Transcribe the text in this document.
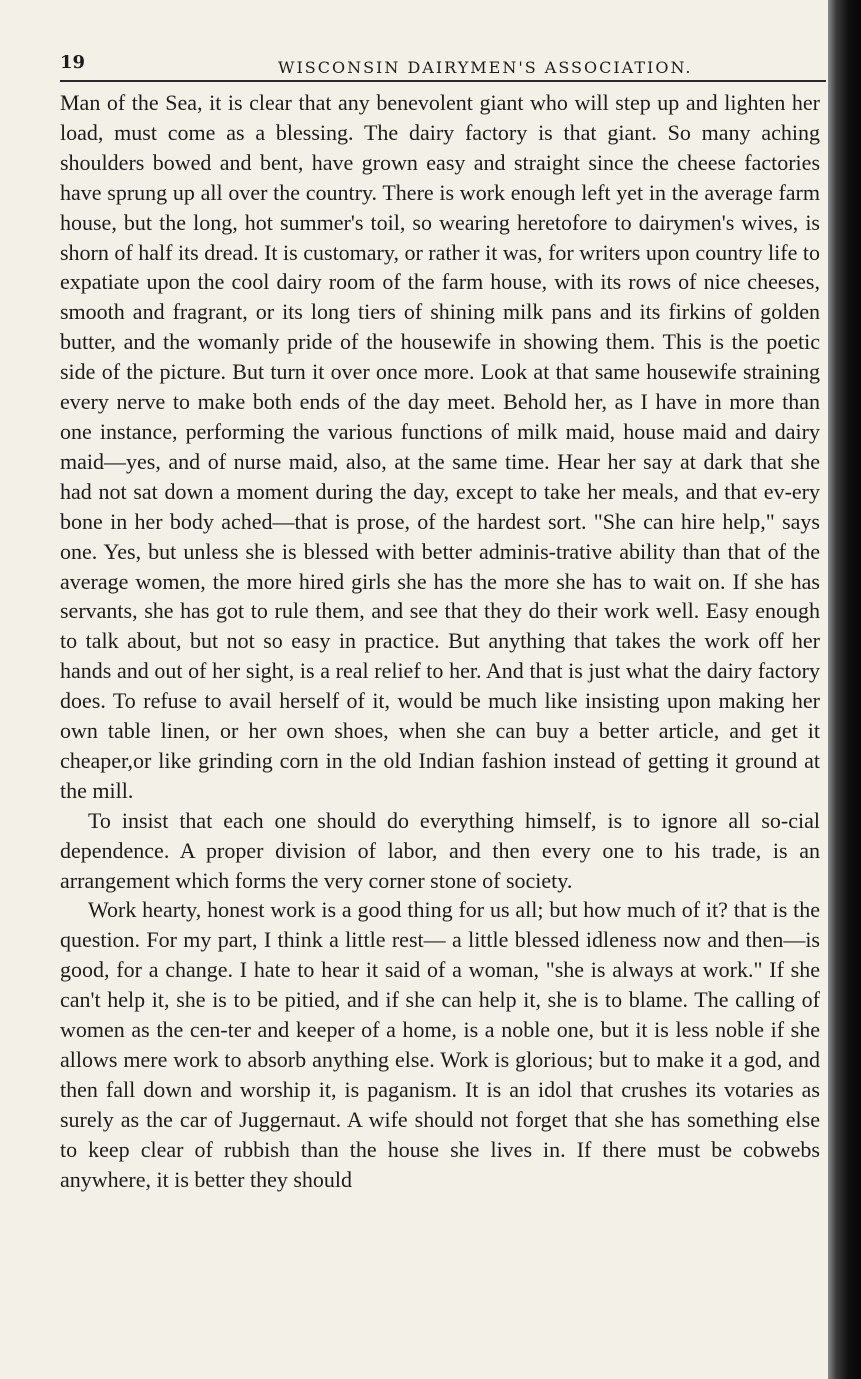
19	WISCONSIN DAIRYMEN'S ASSOCIATION.

Man of the Sea, it is clear that any benevolent giant who will step up and lighten her load, must come as a blessing. The dairy factory is that giant. So many aching shoulders bowed and bent, have grown easy and straight since the cheese factories have sprung up all over the country. There is work enough left yet in the average farm house, but the long, hot summer's toil, so wearing heretofore to dairymen's wives, is shorn of half its dread. It is customary, or rather it was, for writers upon country life to expatiate upon the cool dairy room of the farm house, with its rows of nice cheeses, smooth and fragrant, or its long tiers of shining milk pans and its firkins of golden butter, and the womanly pride of the housewife in showing them. This is the poetic side of the picture. But turn it over once more. Look at that same housewife straining every nerve to make both ends of the day meet. Behold her, as I have in more than one instance, performing the various functions of milk maid, house maid and dairy maid—yes, and of nurse maid, also, at the same time. Hear her say at dark that she had not sat down a moment during the day, except to take her meals, and that ev-ery bone in her body ached—that is prose, of the hardest sort. "She can hire help," says one. Yes, but unless she is blessed with better adminis-trative ability than that of the average women, the more hired girls she has the more she has to wait on. If she has servants, she has got to rule them, and see that they do their work well. Easy enough to talk about, but not so easy in practice. But anything that takes the work off her hands and out of her sight, is a real relief to her. And that is just what the dairy factory does. To refuse to avail herself of it, would be much like insisting upon making her own table linen, or her own shoes, when she can buy a better article, and get it cheaper,or like grinding corn in the old Indian fashion instead of getting it ground at the mill.

To insist that each one should do everything himself, is to ignore all so-cial dependence. A proper division of labor, and then every one to his trade, is an arrangement which forms the very corner stone of society.

Work hearty, honest work is a good thing for us all; but how much of it? that is the question. For my part, I think a little rest— a little blessed idleness now and then—is good, for a change. I hate to hear it said of a woman, "she is always at work." If she can't help it, she is to be pitied, and if she can help it, she is to blame. The calling of women as the cen-ter and keeper of a home, is a noble one, but it is less noble if she allows mere work to absorb anything else. Work is glorious; but to make it a god, and then fall down and worship it, is paganism. It is an idol that crushes its votaries as surely as the car of Juggernaut. A wife should not forget that she has something else to keep clear of rubbish than the house she lives in. If there must be cobwebs anywhere, it is better they should
